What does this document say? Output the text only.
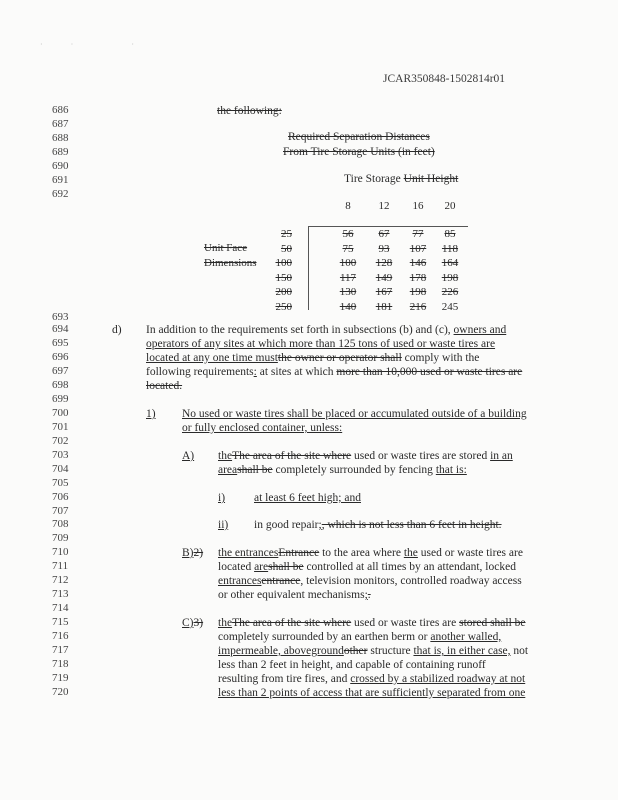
·· ·
JCAR350848-1502814r01
686
687
688
689
690
691
692
693
694
695
696
697
698
699
700
701
702
703
704
705
706
707
708
709
710
711
712
713
714
715
716
717
718
719
720
the following:
Required Separation Distances
From Tire Storage Units (in feet)
Tire Storage Unit Height
8	12	16	20
Unit Face
Dimensions
25	56	67	77	85
50	75	93	107	118
100	100	128	146	164
150	117	149	178	198
200	130	167	198	226
250	140	181	216	245
d) In addition to the requirements set forth in subsections (b) and (c), owners and
operators of any sites at which more than 125 tons of used or waste tires are
located at any one time mustthe owner or operator shall comply with the
following requirements: at sites at which more than 10,000 used or waste tires are
located.
1) No used or waste tires shall be placed or accumulated outside of a building
or fully enclosed container, unless:
A) theThe area of the site where used or waste tires are stored in an
areashall be completely surrounded by fencing that is:
i)	at least 6 feet high; and
ii) in good repair;, which is not less than 6 feet in height.
B)2) the entrancesEntrance to the area where the used or waste tires are
located areshall be controlled at all times by an attendant, locked
entrancesentrance, television monitors, controlled roadway access
or other equivalent mechanisms;.
C)3) theThe area of the site where used or waste tires are stored shall be
completely surrounded by an earthen berm or another walled,
impermeable, abovegroundother structure that is, in either case, not
less than 2 feet in height, and capable of containing runoff
resulting from tire fires, and crossed by a stabilized roadway at not
less than 2 points of access that are sufficiently separated from one
